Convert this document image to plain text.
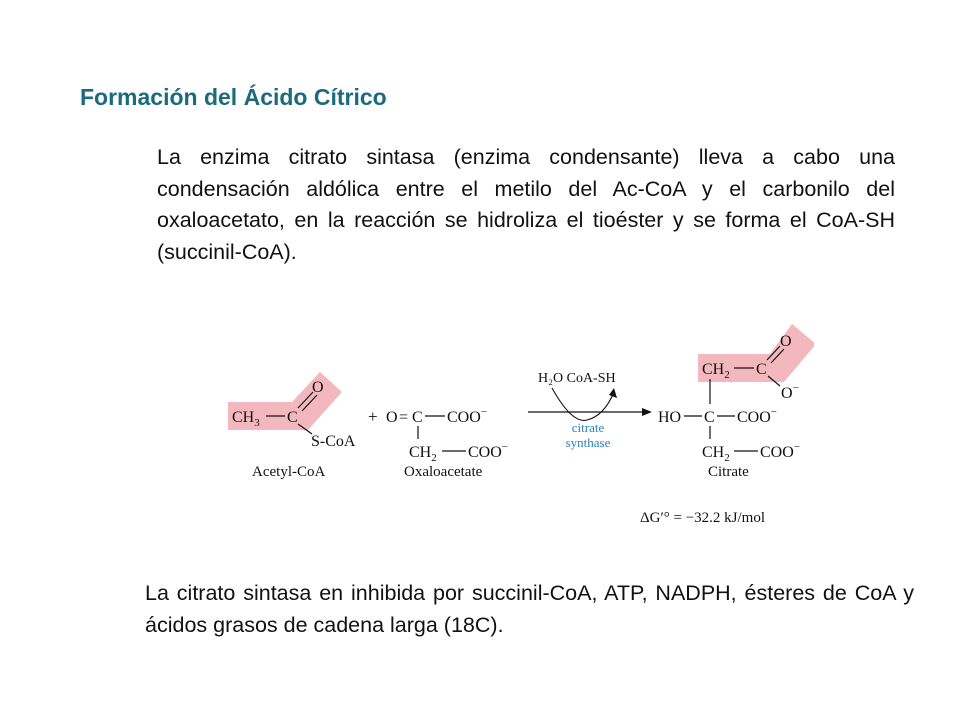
Formación del Ácido Cítrico

La enzima citrato sintasa (enzima condensante) lleva a cabo una condensación aldólica entre el metilo del Ac-CoA y el carbonilo del oxaloacetato, en la reacción se hidroliza el tioéster y se forma el CoA-SH (succinil-CoA).

$CH_3$ C
O
S-CoA
Acetyl-CoA
+ O = C COO−
$CH_2$ COO−
Oxaloacetate
H₂O CoA-SH
citrate
synthase
$CH_2$ C
O
O−
HO C COO−
$CH_2$ COO−
Citrate
ΔG′° = −32.2 kJ/mol

La citrato sintasa en inhibida por succinil-CoA, ATP, NADPH, ésteres de CoA y ácidos grasos de cadena larga (18C).
